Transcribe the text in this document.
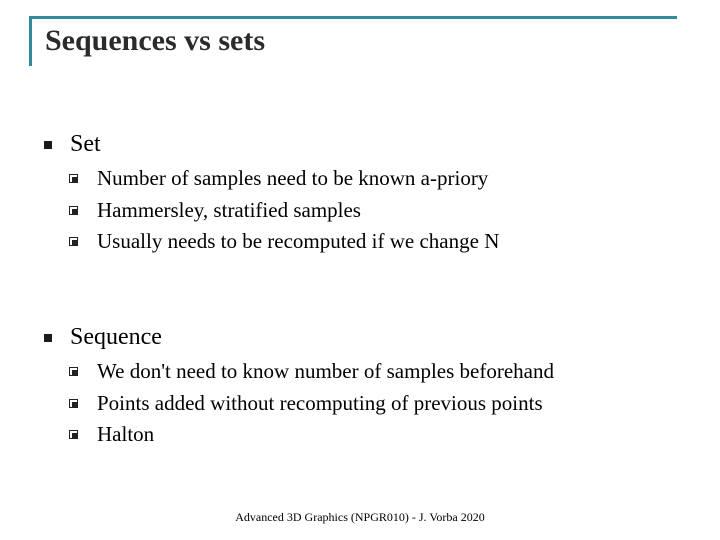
Sequences vs sets
Set
Number of samples need to be known a-priory
Hammersley, stratified samples
Usually needs to be recomputed if we change N
Sequence
We don't need to know number of samples beforehand
Points added without recomputing of previous points
Halton
Advanced 3D Graphics (NPGR010) - J. Vorba 2020
